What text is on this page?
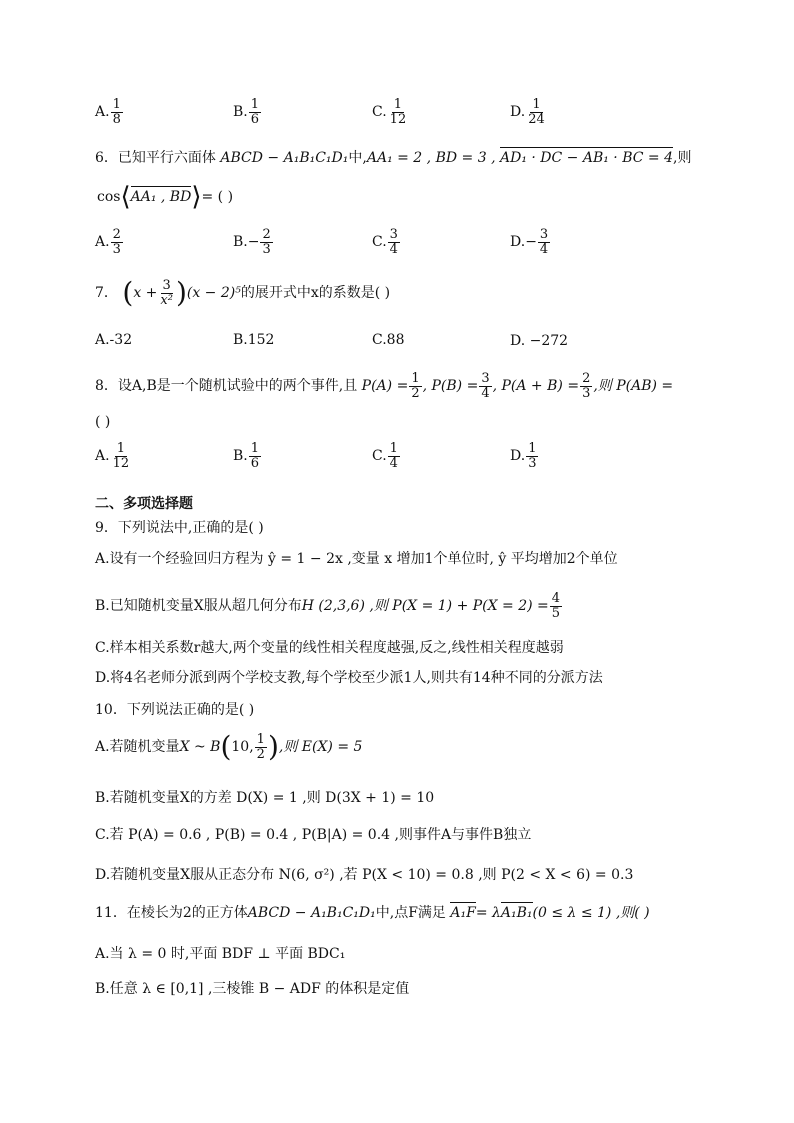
A. $\frac{1}{8}$	B. $\frac{1}{6}$	C. $\frac{1}{12}$	D. $\frac{1}{24}$
6．已知平行六面体 ABCD − A₁B₁C₁D₁中,AA₁ = 2 , BD = 3 , AD₁ · DC − AB₁ · BC = 4,则
cos⟨AA₁ , BD⟩= ( )
A. $\frac{2}{3}$	$B.- \frac{2}{3}$	C. $\frac{3}{4}$	$D.- \frac{3}{4}$
7． $(x + \frac{3}{\text{x²}} )(x - 2)^5$的展开式中x的系数是( )
A.-32	B.152	C.88	D. −272
8．设A,B是一个随机试验中的两个事件,且 $P(A) = \frac{1}{2}$ , $P(B) = \frac{3}{4}$ , $P(A + B) = \frac{2}{3}$ ,则 P(AB) =
( )
A. $\frac{1}{12}$	B. $\frac{1}{6}$	C. $\frac{1}{4}$	D. $\frac{1}{3}$
二、多项选择题
9．下列说法中,正确的是( )
A.设有一个经验回归方程为 ŷ = 1 − 2x ,变量 x 增加1个单位时, ŷ 平均增加2个单位
B.已知随机变量X服从超几何分布H (2,3,6) ,则 $P(X = 1) + P(X = 2) = \frac{4}{5}$
C.样本相关系数r越大,两个变量的线性相关程度越强,反之,线性相关程度越弱
D.将4名老师分派到两个学校支教,每个学校至少派1人,则共有14种不同的分派方法
10．下列说法正确的是( )
A.若随机变量X ~ B(10, $\frac{1}{2}$ ),则 E(X) = 5
B.若随机变量X的方差 D(X) = 1 ,则 D(3X + 1) = 10
C.若 P(A) = 0.6 , P(B) = 0.4 , P(B|A) = 0.4 ,则事件A与事件B独立
D.若随机变量X服从正态分布 N(6, σ²) ,若 P(X < 10) = 0.8 ,则 P(2 < X < 6) = 0.3
11．在棱长为2的正方体ABCD − A₁B₁C₁D₁中,点F满足 A₁F= λA₁B₁(0 ≤ λ ≤ 1) ,则( )
A.当 λ = 0 时,平面 BDF ⊥ 平面 BDC₁
B.任意 λ ∈ [0,1] ,三棱锥 B − ADF 的体积是定值
